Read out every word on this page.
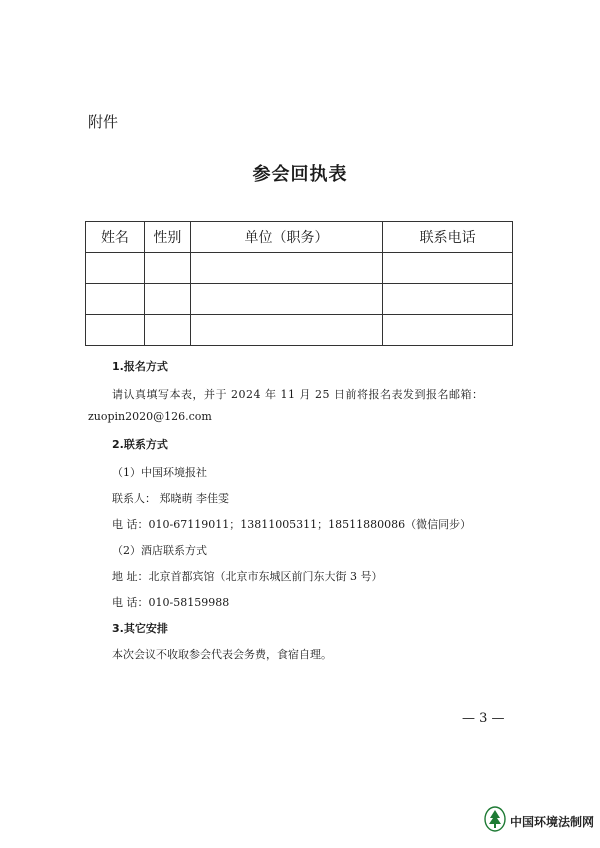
附件
参会回执表
姓名	性别	单位（职务）	联系电话

1.报名方式
请认真填写本表，并于 2024 年 11 月 25 日前将报名表发到报名邮箱：
zuopin2020@126.com
2.联系方式
（1）中国环境报社
联系人： 郑晓萌 李佳雯
电 话：010-67119011；13811005311；18511880086（微信同步）
（2）酒店联系方式
地 址：北京首都宾馆（北京市东城区前门东大街 3 号）
电 话：010-58159988
3.其它安排
本次会议不收取参会代表会务费，食宿自理。
— 3 —
中国环境法制网
